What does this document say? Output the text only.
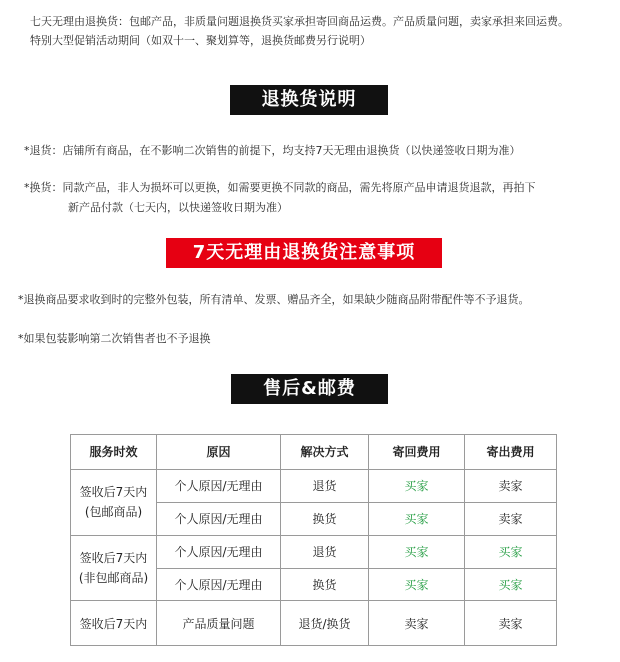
七天无理由退换货：包邮产品，非质量问题退换货买家承担寄回商品运费。产品质量问题，卖家承担来回运费。
特别大型促销活动期间（如双十一、聚划算等，退换货邮费另行说明）
退换货说明
*退货：店铺所有商品，在不影响二次销售的前提下，均支持7天无理由退换货（以快递签收日期为准）
*换货：同款产品，非人为损坏可以更换，如需要更换不同款的商品，需先将原产品申请退货退款，再拍下
新产品付款（七天内，以快递签收日期为准）
7天无理由退换货注意事项
*退换商品要求收到时的完整外包装，所有清单、发票、赠品齐全，如果缺少随商品附带配件等不予退货。
*如果包装影响第二次销售者也不予退换
售后&邮费
服务时效	原因	解决方式	寄回费用	寄出费用
签收后7天内
(包邮商品)	个人原因/无理由	退货	买家	卖家
	个人原因/无理由	换货	买家	卖家
签收后7天内
(非包邮商品)	个人原因/无理由	退货	买家	买家
	个人原因/无理由	换货	买家	买家
签收后7天内	产品质量问题	退货/换货	卖家	卖家
